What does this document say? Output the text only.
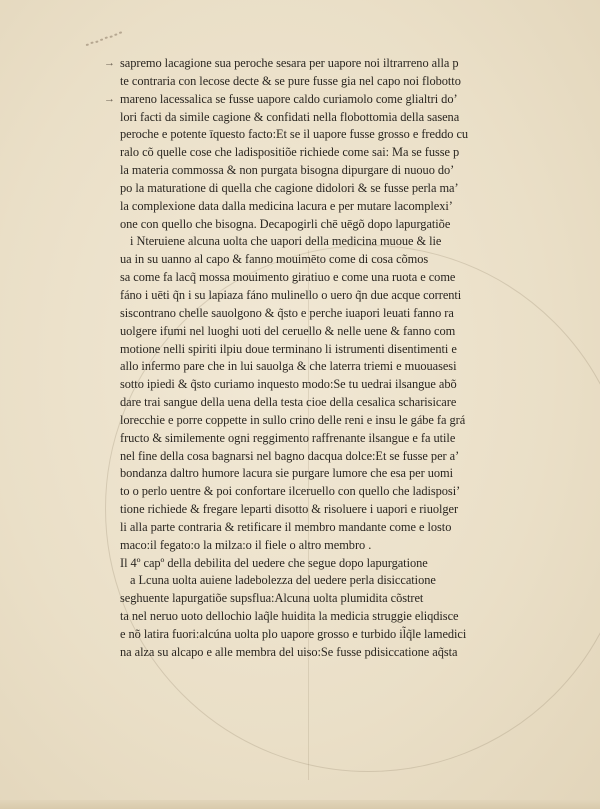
→
→
sapremo lacagione sua peroche sesara per uapore noi iltrarreno alla p
te contraria con lecose decte & se pure fusse gia nel capo noi flobotto
mareno lacessalica se fusse uapore caldo curiamolo come glialtri doʼ
lori facti da simile cagione & confidati nella flobottomia della sasena
peroche e potente īquesto facto:Et se il uapore fusse grosso e freddo cu
ralo cõ quelle cose che ladispositiõe richiede come sai: Ma se fusse p
la materia commossa & non purgata bisogna dipurgare di nuouo doʼ
po la maturatione di quella che cagione didolori & se fusse perla maʼ
la complexione data dalla medicina lacura e per mutare lacomplexiʼ
one con quello che bisogna. Decapogirli chē uēgõ dopo lapurgatiõe
i Nteruiene alcuna uolta che uapori della medicina muoue & lie
ua in su uanno al capo & fanno mouimēto come di cosa cõmos
sa come fa lacq̃ mossa mouimento giratiuo e come una ruota e come
fáno i uēti q̃n i su lapiaza fáno mulinello o uero q̃n due acque correnti
siscontrano chelle sauolgono & q̃sto e perche iuapori leuati fanno ra
uolgere ifumi nel luoghi uoti del ceruello & nelle uene & fanno com
motione nelli spiriti ilpiu doue terminano li istrumenti disentimenti e
allo infermo pare che in lui sauolga & che laterra triemi e muouasesi
sotto ipiedi & q̃sto curiamo inquesto modo:Se tu uedrai ilsangue abõ
dare trai sangue della uena della testa cioe della cesalica scharisicare
lorecchie e porre coppette in sullo crino delle reni e insu le gábe fa grá
fructo & similemente ogni reggimento raffrenante ilsangue e fa utile
nel fine della cosa bagnarsi nel bagno dacqua dolce:Et se fusse per aʼ
bondanza daltro humore lacura sie purgare lumore che esa per uomi
to o perlo uentre & poi confortare ilceruello con quello che ladisposiʼ
tione richiede & fregare leparti disotto & risoluere i uapori e riuolger
li alla parte contraria & retificare il membro mandante come e losto
maco:il fegato:o la milza:o il fiele o altro membro .
Il 4º capº della debilita del uedere che segue dopo lapurgatione
a Lcuna uolta auiene ladebolezza del uedere perla disiccatione
seghuente lapurgatiõe supsflua:Alcuna uolta plumidita cõstret
ta nel neruo uoto dellochio laq̃le huidita la medicia struggie eliqdisce
e nõ latira fuori:alcúna uolta plo uapore grosso e turbido il̃q̃le lamedici
na alza su alcapo e alle membra del uiso:Se fusse pdisiccatione aq̃sta
